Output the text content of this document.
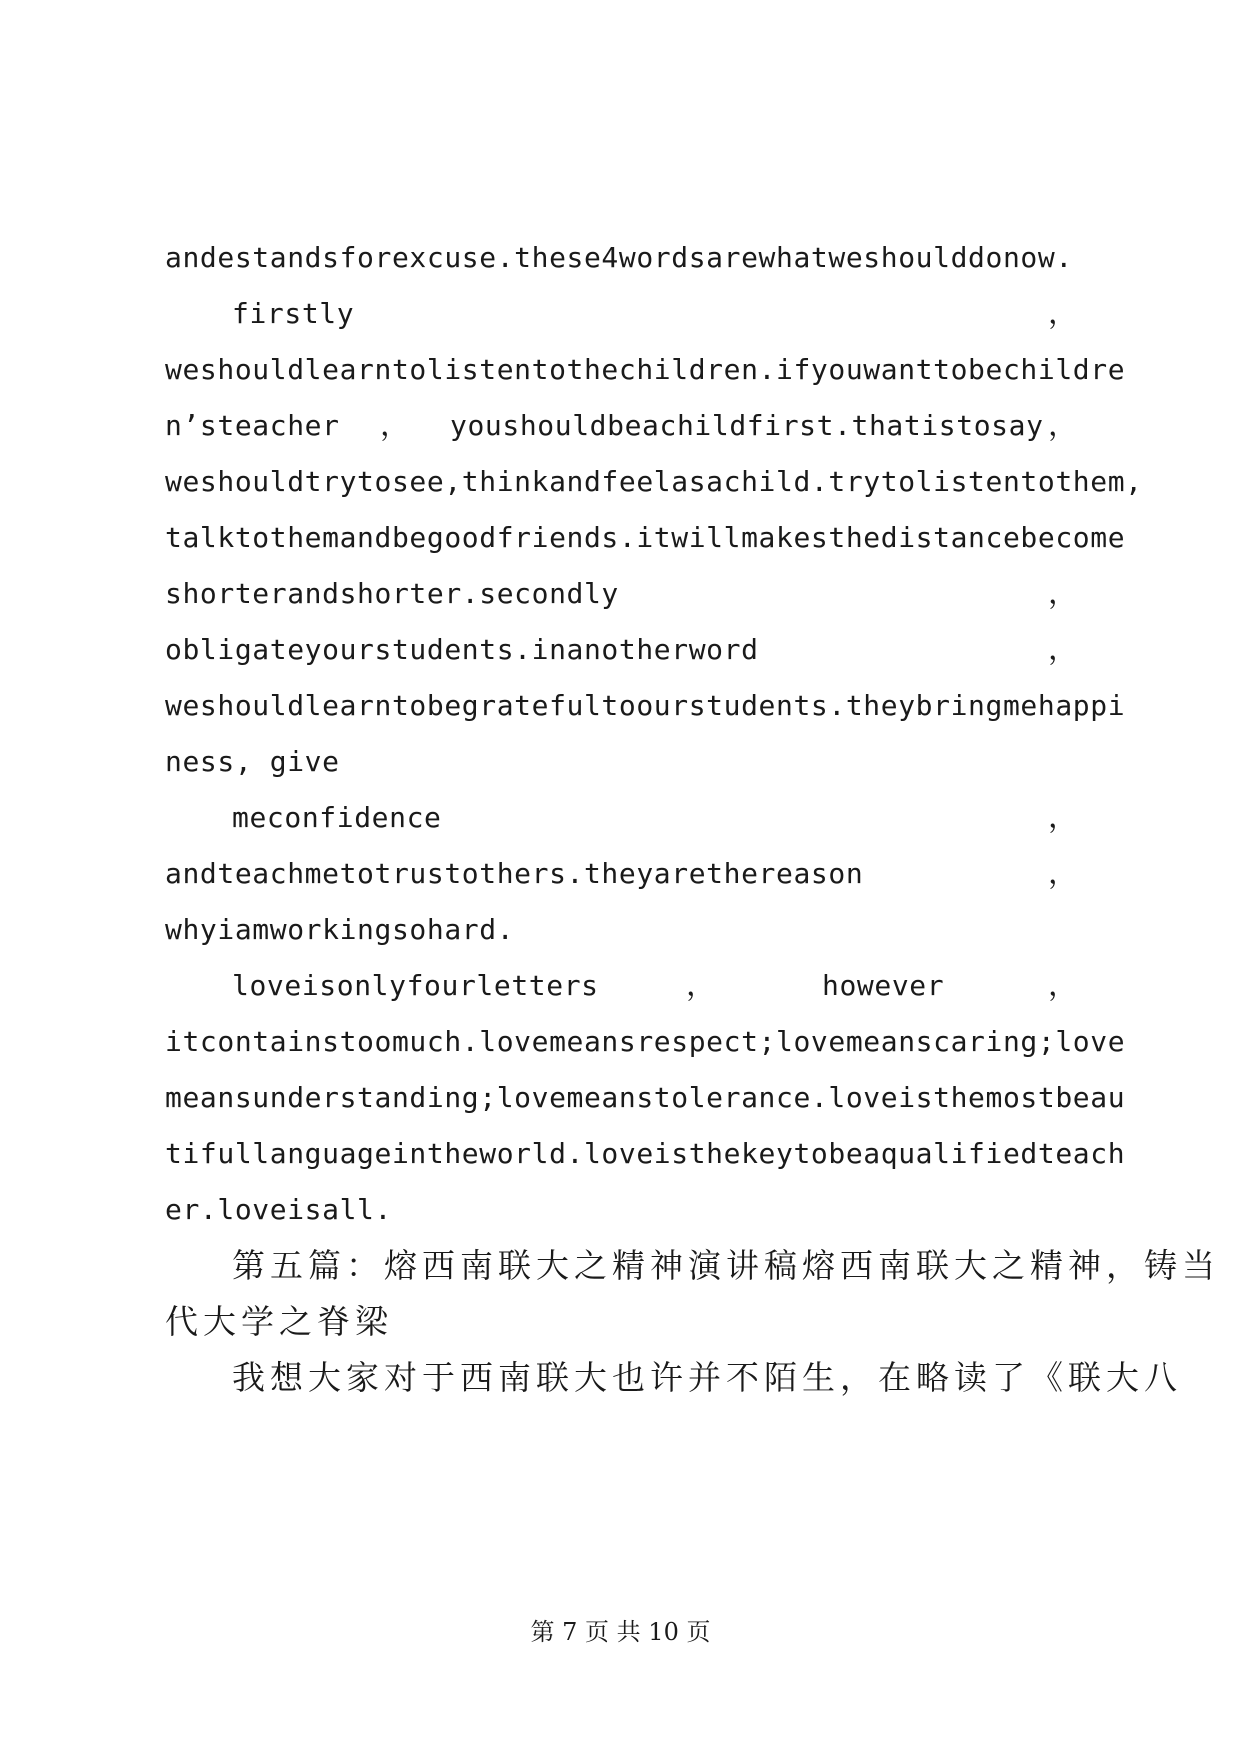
andestandsforexcuse.these4wordsarewhatweshoulddonow.
firstly	，
weshouldlearntolistentothechildren.ifyouwanttobechildre
n’steacher	， youshouldbeachildfirst.thatistosay ，
weshouldtrytosee,thinkandfeelasachild.trytolistentothem,
talktothemandbegoodfriends.itwillmakesthedistancebecome
shorterandshorter.secondly	，
obligateyourstudents.inanotherword	，
weshouldlearntobegratefultoourstudents.theybringmehappi
ness, give
meconfidence	，
andteachmetotrustothers.theyarethereason	，
whyiamworkingsohard.
loveisonlyfourletters	，	however	，
itcontainstoomuch.lovemeansrespect;lovemeanscaring;love
meansunderstanding;lovemeanstolerance.loveisthemostbeau
tifullanguageintheworld.loveisthekeytobeaqualifiedteach
er.loveisall.
第五篇：熔西南联大之精神演讲稿熔西南联大之精神，铸当
代大学之脊梁
我想大家对于西南联大也许并不陌生，在略读了《联大八
第 7 页 共 10 页
